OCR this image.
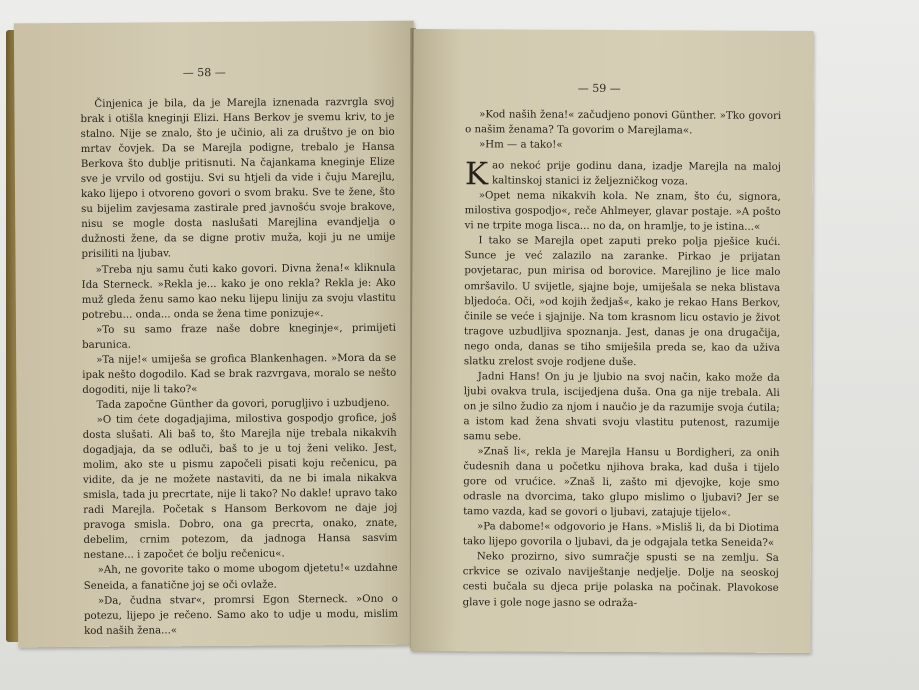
— 58 —

Činjenica je bila, da je Marejla iznenada razvrgla svoj brak i otišla kneginji Elizi. Hans Berkov je svemu kriv, to je stalno. Nije se znalo, što je učinio, ali za društvo je on bio mrtav čovjek. Da se Marejla podigne, trebalo je Hansa Berkova što dublje pritisnuti. Na čajankama kneginje Elize sve je vrvilo od gostiju. Svi su htjeli da vide i čuju Marejlu, kako lijepo i otvoreno govori o svom braku. Sve te žene, što su bijelim zavjesama zastirale pred javnošću svoje brakove, nisu se mogle dosta naslušati Marejlina evandjelja o dužnosti žene, da se digne protiv muža, koji ju ne umije prisiliti na ljubav.

»Treba nju samu čuti kako govori. Divna žena!« kliknula Ida Sterneck. »Rekla je... kako je ono rekla? Rekla je: Ako muž gleda ženu samo kao neku lijepu liniju za svoju vlastitu potrebu... onda... onda se žena time ponizuje«.

»To su samo fraze naše dobre kneginje«, primijeti barunica.

»Ta nije!« umiješa se grofica Blankenhagen. »Mora da se ipak nešto dogodilo. Kad se brak razvrgava, moralo se nešto dogoditi, nije li tako?«

Tada započne Günther da govori, porugljivo i uzbudjeno.

»O tim ćete dogadjajima, milostiva gospodjo grofice, još dosta slušati. Ali baš to, što Marejla nije trebala nikakvih dogadjaja, da se odluči, baš to je u toj ženi veliko. Jest, molim, ako ste u pismu započeli pisati koju rečenicu, pa vidite, da je ne možete nastaviti, da ne bi imala nikakva smisla, tada ju precrtate, nije li tako? No dakle! upravo tako radi Marejla. Početak s Hansom Berkovom ne daje joj pravoga smisla. Dobro, ona ga precrta, onako, znate, debelim, crnim potezom, da jadnoga Hansa sasvim nestane... i započet će bolju rečenicu«.

»Ah, ne govorite tako o mome ubogom djetetu!« uzdahne Seneida, a fanatične joj se oči ovlaže.

»Da, čudna stvar«, promrsi Egon Sterneck. »Ono o potezu, lijepo je rečeno. Samo ako to udje u modu, mislim kod naših žena...«

— 59 —

»Kod naših žena!« začudjeno ponovi Günther. »Tko govori o našim ženama? Ta govorim o Marejlama«.

»Hm — a tako!«

Kao nekoć prije godinu dana, izadje Marejla na maloj kaltinskoj stanici iz željezničkog voza.

»Opet nema nikakvih kola. Ne znam, što ću, signora, milostiva gospodjo«, reče Ahlmeyer, glavar postaje. »A pošto vi ne trpite moga lisca... no da, on hramlje, to je istina...«

I tako se Marejla opet zaputi preko polja pješice kući. Sunce je već zalazilo na zaranke. Pirkao je prijatan povjetarac, pun mirisa od borovice. Marejlino je lice malo omršavilo. U svijetle, sjajne boje, umiješala se neka blistava bljedoća. Oči, »od kojih žedjaš«, kako je rekao Hans Berkov, činile se veće i sjajnije. Na tom krasnom licu ostavio je život tragove uzbudljiva spoznanja. Jest, danas je ona drugačija, nego onda, danas se tiho smiješila preda se, kao da uživa slatku zrelost svoje rodjene duše.

Jadni Hans! On ju je ljubio na svoj način, kako može da ljubi ovakva trula, iscijedjena duša. Ona ga nije trebala. Ali on je silno žudio za njom i naučio je da razumije svoja ćutila; a istom kad žena shvati svoju vlastitu putenost, razumije samu sebe.

»Znaš li«, rekla je Marejla Hansu u Bordigheri, za onih čudesnih dana u početku njihova braka, kad duša i tijelo gore od vrućice. »Znaš li, zašto mi djevojke, koje smo odrasle na dvorcima, tako glupo mislimo o ljubavi? Jer se tamo vazda, kad se govori o ljubavi, zatajuje tijelo«.

»Pa dabome!« odgovorio je Hans. »Misliš li, da bi Diotima tako lijepo govorila o ljubavi, da je odgajala tetka Seneida?«

Neko prozirno, sivo sumračje spusti se na zemlju. Sa crkvice se ozivalo naviještanje nedjelje. Dolje na seoskoj cesti bučala su djeca prije polaska na počinak. Plavokose glave i gole noge jasno se odraža-
